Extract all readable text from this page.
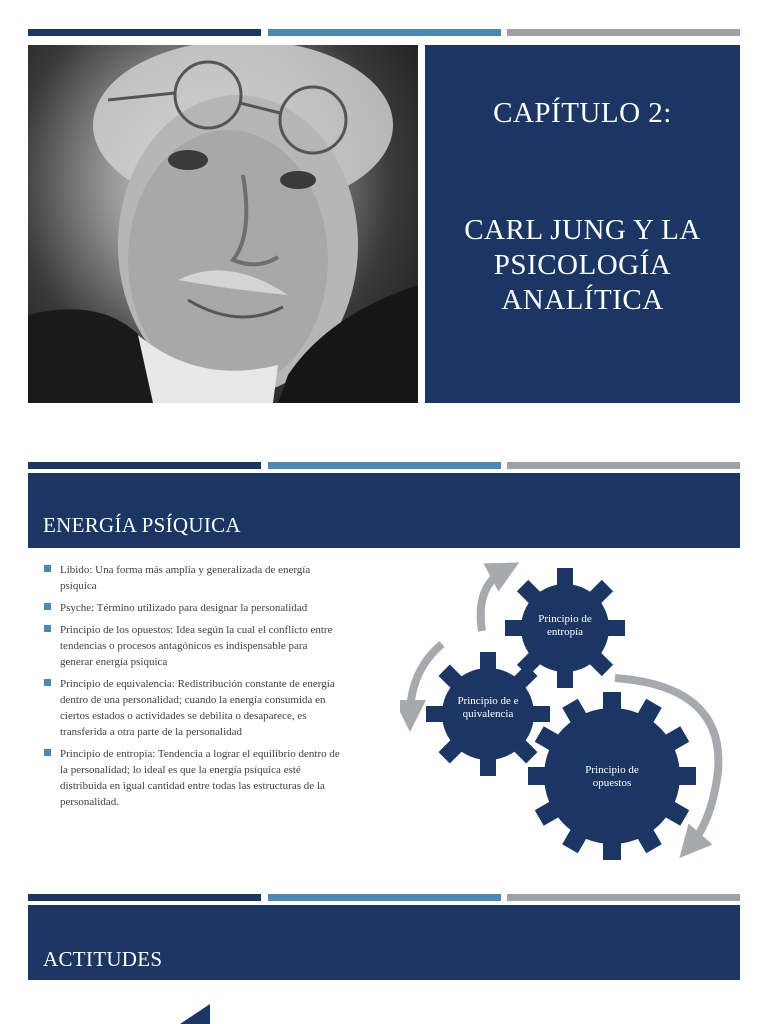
CAPÍTULO 2:
CARL JUNG Y LA PSICOLOGÍA ANALÍTICA
ENERGÍA PSÍQUICA
Libido: Una forma más amplia y generalizada de energía psíquica
Psyche: Término utilizado para designar la personalidad
Principio de los opuestos: Idea según la cual el conflicto entre tendencias o procesos antagónicos es indispensable para generar energía psíquica
Principio de equivalencia: Redistribución constante de energía dentro de una personalidad; cuando la energía consumida en ciertos estados o actividades se debilita o desaparece, es transferida a otra parte de la personalidad
Principio de entropía: Tendencia a lograr el equilibrio dentro de la personalidad; lo ideal es que la energía psíquica esté distribuida en igual cantidad entre todas las estructuras de la personalidad.
Principio de entropía
Principio de equivalencia
Principio de opuestos
ACTITUDES
